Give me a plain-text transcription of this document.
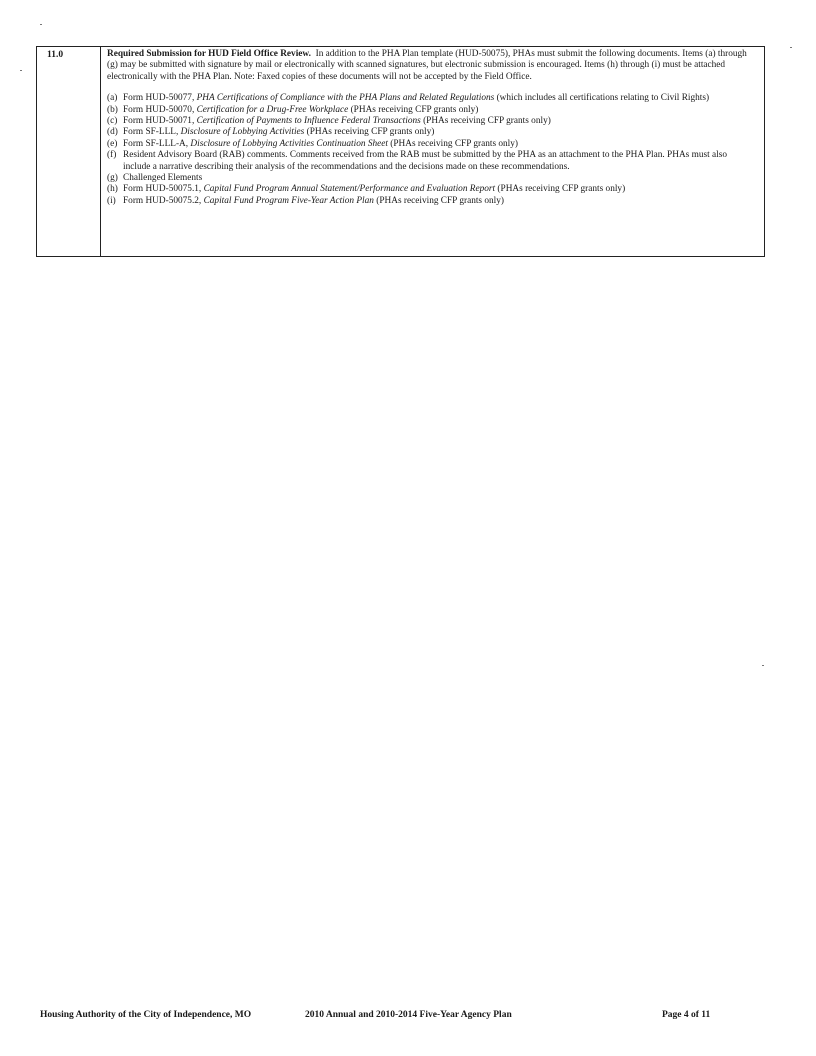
11.0	Required Submission for HUD Field Office Review. In addition to the PHA Plan template (HUD-50075), PHAs must submit the following documents. Items (a) through (g) may be submitted with signature by mail or electronically with scanned signatures, but electronic submission is encouraged. Items (h) through (i) must be attached electronically with the PHA Plan. Note: Faxed copies of these documents will not be accepted by the Field Office.
(a) Form HUD-50077, PHA Certifications of Compliance with the PHA Plans and Related Regulations (which includes all certifications relating to Civil Rights)
(b) Form HUD-50070, Certification for a Drug-Free Workplace (PHAs receiving CFP grants only)
(c) Form HUD-50071, Certification of Payments to Influence Federal Transactions (PHAs receiving CFP grants only)
(d) Form SF-LLL, Disclosure of Lobbying Activities (PHAs receiving CFP grants only)
(e) Form SF-LLL-A, Disclosure of Lobbying Activities Continuation Sheet (PHAs receiving CFP grants only)
(f) Resident Advisory Board (RAB) comments. Comments received from the RAB must be submitted by the PHA as an attachment to the PHA Plan. PHAs must also include a narrative describing their analysis of the recommendations and the decisions made on these recommendations.
(g) Challenged Elements
(h) Form HUD-50075.1, Capital Fund Program Annual Statement/Performance and Evaluation Report (PHAs receiving CFP grants only)
(i) Form HUD-50075.2, Capital Fund Program Five-Year Action Plan (PHAs receiving CFP grants only)
Housing Authority of the City of Independence, MO	2010 Annual and 2010-2014 Five-Year Agency Plan	Page 4 of 11
